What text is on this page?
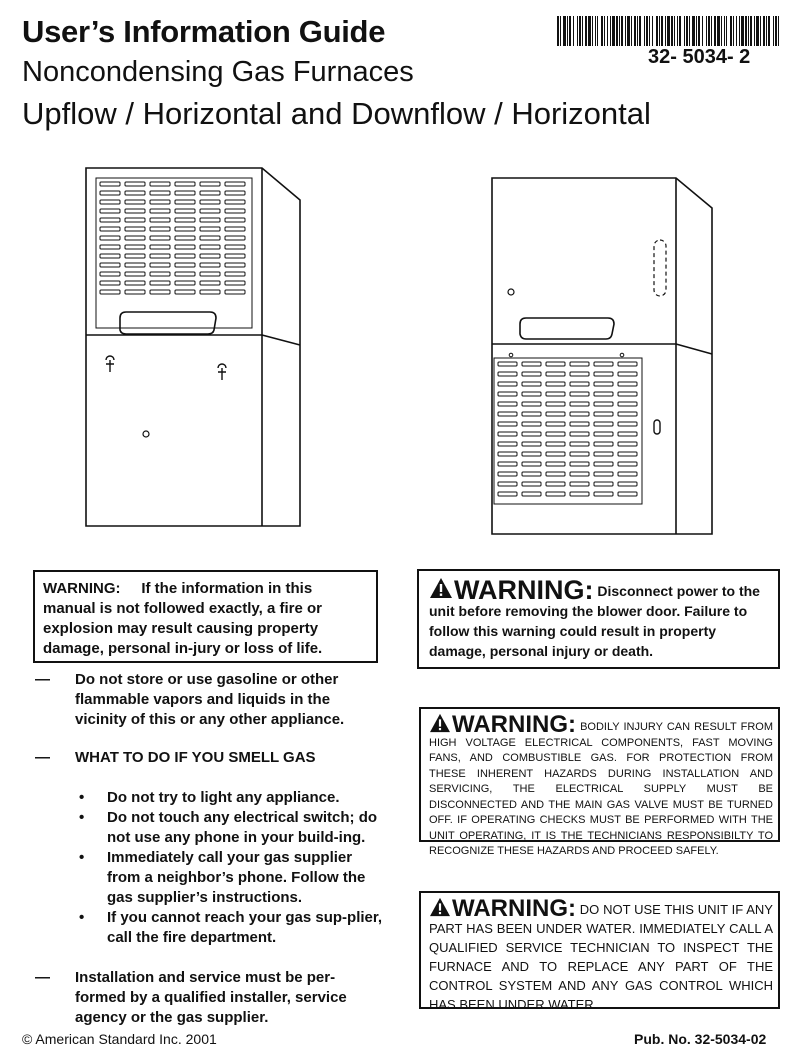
User’s Information Guide
Noncondensing Gas Furnaces
Upflow / Horizontal and Downflow / Horizontal
32- 5034- 2
WARNING: If the information in this manual is not followed exactly, a fire or explosion may result causing property damage, personal in-jury or loss of life.
— Do not store or use gasoline or other flammable vapors and liquids in the vicinity of this or any other appliance.
— WHAT TO DO IF YOU SMELL GAS
• Do not try to light any appliance.
• Do not touch any electrical switch; do not use any phone in your build-ing.
• Immediately call your gas supplier from a neighbor’s phone. Follow the gas supplier’s instructions.
• If you cannot reach your gas sup-plier, call the fire department.
— Installation and service must be per-formed by a qualified installer, service agency or the gas supplier.
WARNING: Disconnect power to the unit before removing the blower door. Failure to follow this warning could result in property damage, personal injury or death.
WARNING: BODILY INJURY CAN RESULT FROM HIGH VOLTAGE ELECTRICAL COMPONENTS, FAST MOVING FANS, AND COMBUSTIBLE GAS. FOR PROTECTION FROM THESE INHERENT HAZARDS DURING INSTALLATION AND SERVICING, THE ELECTRICAL SUPPLY MUST BE DISCONNECTED AND THE MAIN GAS VALVE MUST BE TURNED OFF. IF OPERATING CHECKS MUST BE PERFORMED WITH THE UNIT OPERATING, IT IS THE TECHNICIANS RESPONSIBILTY TO RECOGNIZE THESE HAZARDS AND PROCEED SAFELY.
WARNING: DO NOT USE THIS UNIT IF ANY PART HAS BEEN UNDER WATER. IMMEDIATELY CALL A QUALIFIED SERVICE TECHNICIAN TO INSPECT THE FURNACE AND TO REPLACE ANY PART OF THE CONTROL SYSTEM AND ANY GAS CONTROL WHICH HAS BEEN UNDER WATER.
© American Standard Inc. 2001	Pub. No. 32-5034-02
